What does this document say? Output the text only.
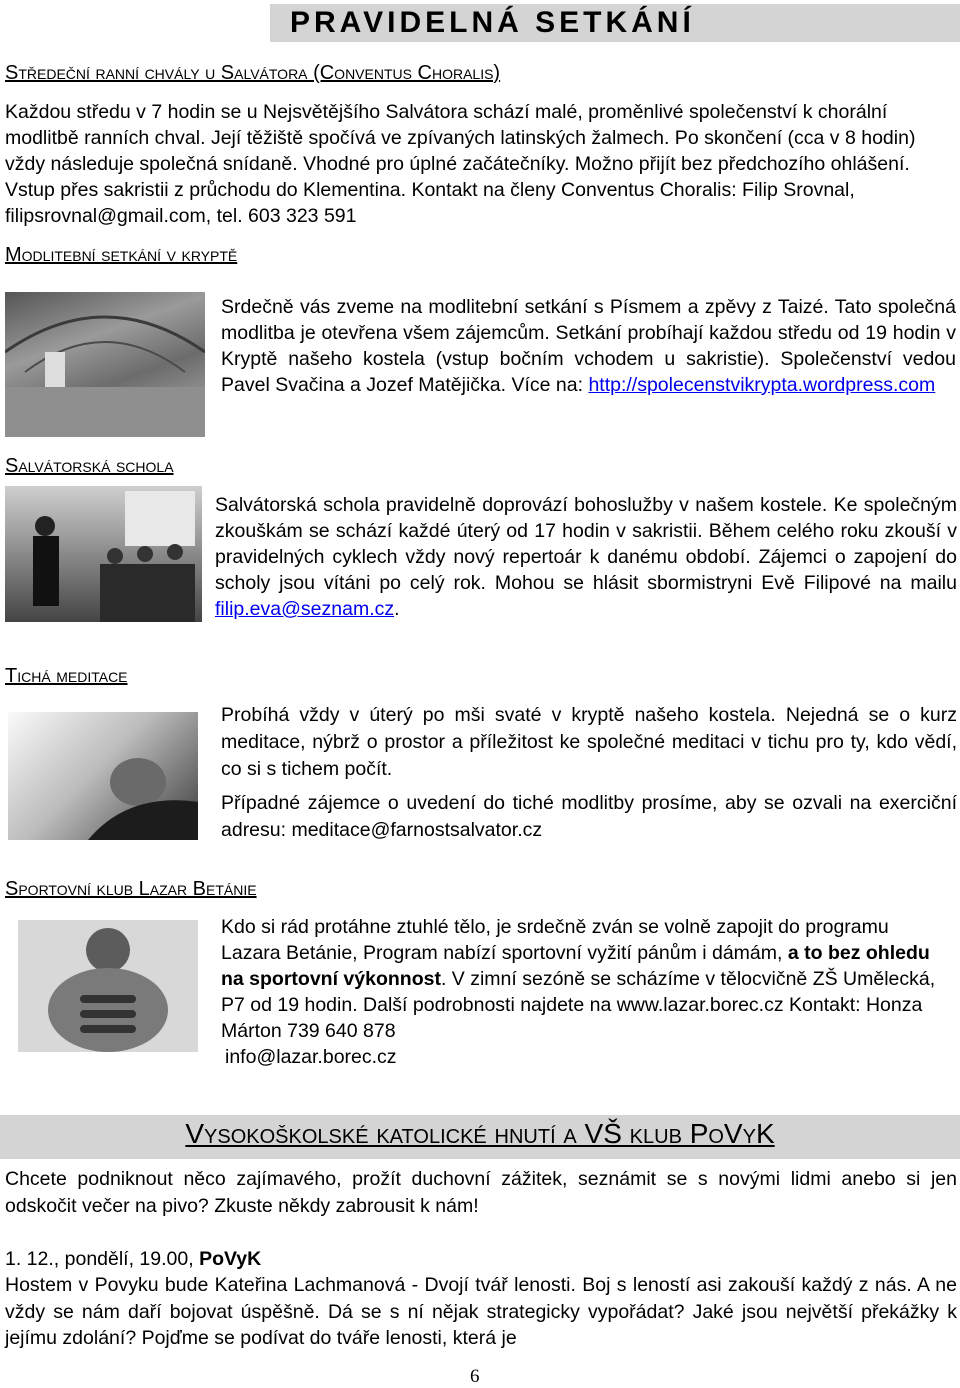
PRAVIDELNÁ SETKÁNÍ
Středeční ranní chvály u Salvátora (Conventus Choralis)
Každou středu v 7 hodin se u Nejsvětějšího Salvátora schází malé, proměnlivé společenství k chorální modlitbě ranních chval. Její těžiště spočívá ve zpívaných latinských žalmech. Po skončení (cca v 8 hodin) vždy následuje společná snídaně. Vhodné pro úplné začátečníky. Možno přijít bez předchozího ohlášení. Vstup přes sakristii z průchodu do Klementina. Kontakt na členy Conventus Choralis: Filip Srovnal, filipsrovnal@gmail.com, tel. 603 323 591
Modlitební setkání v kryptě
Srdečně vás zveme na modlitební setkání s Písmem a zpěvy z Taizé. Tato společná modlitba je otevřena všem zájemcům. Setkání probíhají každou středu od 19 hodin v Kryptě našeho kostela (vstup bočním vchodem u sakristie). Společenství vedou Pavel Svačina a Jozef Matějička. Více na: http://spolecenstvikrypta.wordpress.com
Salvátorská schola
Salvátorská schola pravidelně doprovází bohoslužby v našem kostele. Ke společným zkouškám se schází každé úterý od 17 hodin v sakristii. Během celého roku zkouší v pravidelných cyklech vždy nový repertoár k danému období. Zájemci o zapojení do scholy jsou vítáni po celý rok. Mohou se hlásit sbormistryni Evě Filipové na mailu filip.eva@seznam.cz.
Tichá meditace
Probíhá vždy v úterý po mši svaté v kryptě našeho kostela. Nejedná se o kurz meditace, nýbrž o prostor a příležitost ke společné meditaci v tichu pro ty, kdo vědí, co si s tichem počít.
Případné zájemce o uvedení do tiché modlitby prosíme, aby se ozvali na exerciční adresu: meditace@farnostsalvator.cz
Sportovní klub Lazar Betánie
Kdo si rád protáhne ztuhlé tělo, je srdečně zván se volně zapojit do programu Lazara Betánie, Program nabízí sportovní vyžití pánům i dámám, a to bez ohledu na sportovní výkonnost. V zimní sezóně se scházíme v tělocvičně ZŠ Umělecká, P7 od 19 hodin. Další podrobnosti najdete na www.lazar.borec.cz Kontakt: Honza Márton 739 640 878
info@lazar.borec.cz
Vysokoškolské katolické hnutí a VŠ klub PoVyK
Chcete podniknout něco zajímavého, prožít duchovní zážitek, seznámit se s novými lidmi anebo si jen odskočit večer na pivo? Zkuste někdy zabrousit k nám!
1. 12., pondělí, 19.00, PoVyK
Hostem v Povyku bude Kateřina Lachmanová - Dvojí tvář lenosti. Boj s leností asi zakouší každý z nás. A ne vždy se nám daří bojovat úspěšně. Dá se s ní nějak strategicky vypořádat? Jaké jsou největší překážky k jejímu zdolání? Pojďme se podívat do tváře lenosti, která je
6
